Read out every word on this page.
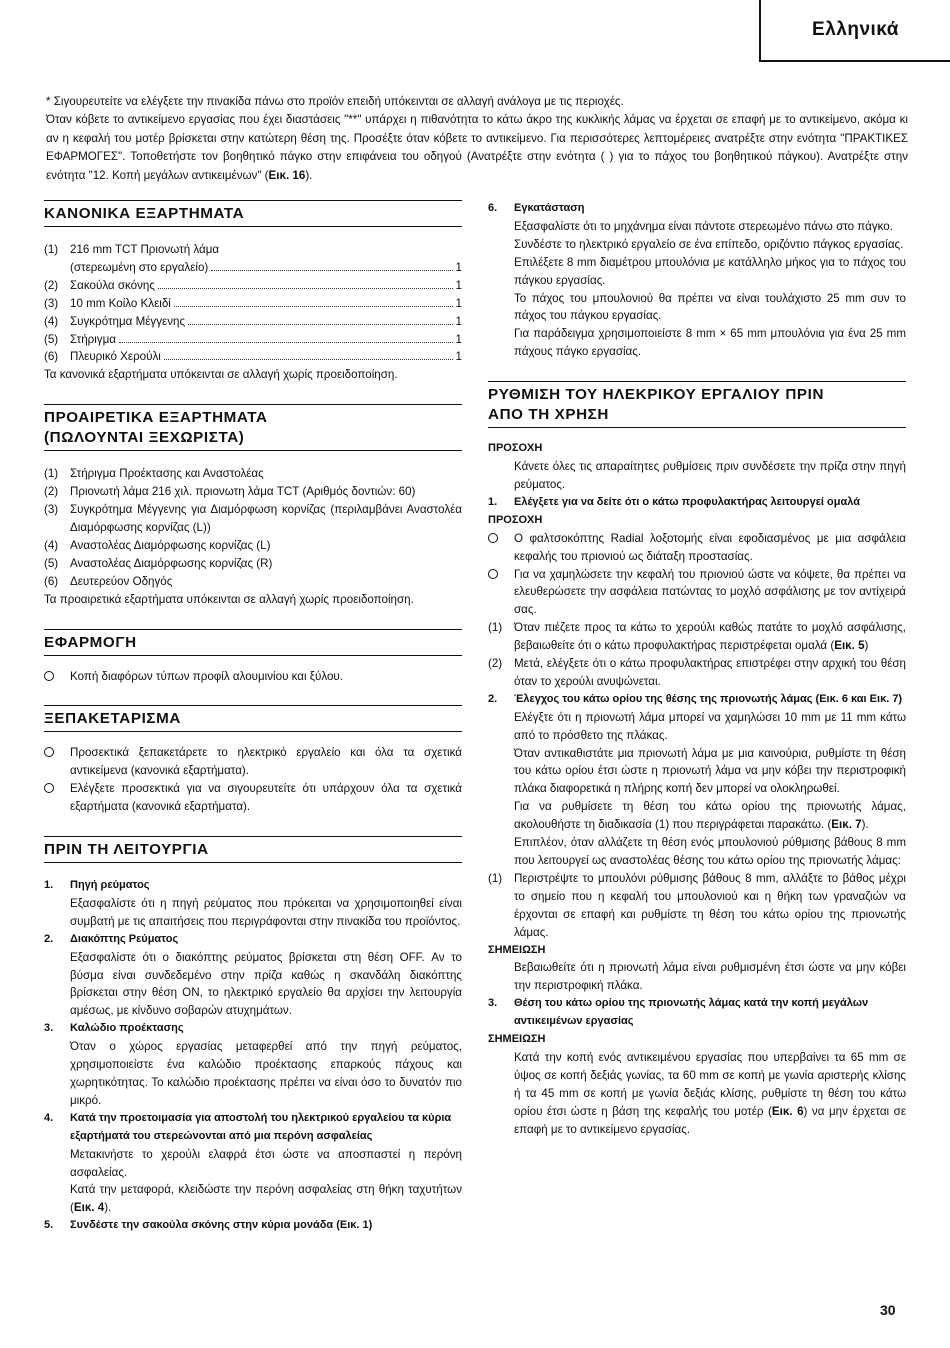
Ελληνικά

* Σιγουρευτείτε να ελέγξετε την πινακίδα πάνω στο προϊόν επειδή υπόκεινται σε αλλαγή ανάλογα με τις περιοχές.

Όταν κόβετε το αντικείμενο εργασίας που έχει διαστάσεις "**" υπάρχει η πιθανότητα το κάτω άκρο της κυκλικής λάμας να έρχεται σε επαφή με το αντικείμενο, ακόμα κι αν η κεφαλή του μοτέρ βρίσκεται στην κατώτερη θέση της. Προσέξτε όταν κόβετε το αντικείμενο. Για περισσότερες λεπτομέρειες ανατρέξτε στην ενότητα "ΠΡΑΚΤΙΚΕΣ ΕΦΑΡΜΟΓΕΣ". Τοποθετήστε τον βοηθητικό πάγκο στην επιφάνεια του οδηγού (Ανατρέξτε στην ενότητα ( ) για το πάχος του βοηθητικού πάγκου). Ανατρέξτε στην ενότητα "12. Κοπή μεγάλων αντικειμένων" (Εικ. 16).

ΚΑΝΟΝΙΚΑ ΕΞΑΡΤΗΜΑΤΑ
(1)	216 mm TCT Πριονωτή λάμα
(στερεωμένη στο εργαλείο)	1
(2)	Σακούλα σκόνης	1
(3)	10 mm Κοίλο Κλειδί	1
(4)	Συγκρότημα Μέγγενης	1
(5)	Στήριγμα	1
(6)	Πλευρικό Χερούλι	1
Τα κανονικά εξαρτήματα υπόκεινται σε αλλαγή χωρίς προειδοποίηση.
ΠΡΟΑΙΡΕΤΙΚΑ ΕΞΑΡΤΗΜΑΤΑ
(ΠΩΛΟΥΝΤΑΙ ΞΕΧΩΡΙΣΤΑ)
(1)	Στήριγμα Προέκτασης και Αναστολέας
(2)	Πριονωτή λάμα 216 χιλ. πριονωτη λάμα TCT (Αριθμός δοντιών: 60)
(3)	Συγκρότημα Μέγγενης για Διαμόρφωση κορνίζας (περιλαμβάνει Αναστολέα Διαμόρφωσης κορνίζας (L))
(4)	Αναστολέας Διαμόρφωσης κορνίζας (L)
(5)	Αναστολέας Διαμόρφωσης κορνίζας (R)
(6)	Δευτερεύον Οδηγός
Τα προαιρετικά εξαρτήματα υπόκεινται σε αλλαγή χωρίς προειδοποίηση.
ΕΦΑΡΜΟΓΗ
Κοπή διαφόρων τύπων προφίλ αλουμινίου και ξύλου.
ΞΕΠΑΚΕΤΑΡΙΣΜΑ
Προσεκτικά ξεπακετάρετε το ηλεκτρικό εργαλείο και όλα τα σχετικά αντικείμενα (κανονικά εξαρτήματα).
Ελέγξετε προσεκτικά για να σιγουρευτείτε ότι υπάρχουν όλα τα σχετικά εξαρτήματα (κανονικά εξαρτήματα).
ΠΡΙΝ ΤΗ ΛΕΙΤΟΥΡΓΙΑ
1.	Πηγή ρεύματος
Εξασφαλίστε ότι η πηγή ρεύματος που πρόκειται να χρησιμοποιηθεί είναι συμβατή με τις απαιτήσεις που περιγράφονται στην πινακίδα του προϊόντος.
2.	Διακόπτης Ρεύματος
Εξασφαλίστε ότι ο διακόπτης ρεύματος βρίσκεται στη θέση OFF. Αν το βύσμα είναι συνδεδεμένο στην πρίζα καθώς η σκανδάλη διακόπτης βρίσκεται στην θέση ON, το ηλεκτρικό εργαλείο θα αρχίσει την λειτουργία αμέσως, με κίνδυνο σοβαρών ατυχημάτων.
3.	Καλώδιο προέκτασης
Όταν ο χώρος εργασίας μεταφερθεί από την πηγή ρεύματος, χρησιμοποιείστε ένα καλώδιο προέκτασης επαρκούς πάχους και χωρητικότητας. Το καλώδιο προέκτασης πρέπει να είναι όσο το δυνατόν πιο μικρό.
4.	Κατά την προετοιμασία για αποστολή του ηλεκτρικού εργαλείου τα κύρια εξαρτήματά του στερεώνονται από μια περόνη ασφαλείας
Μετακινήστε το χερούλι ελαφρά έτσι ώστε να αποσπαστεί η περόνη ασφαλείας.
Κατά την μεταφορά, κλειδώστε την περόνη ασφαλείας στη θήκη ταχυτήτων (Εικ. 4).
5.	Συνδέστε την σακούλα σκόνης στην κύρια μονάδα (Εικ. 1)
6.	Εγκατάσταση
Εξασφαλίστε ότι το μηχάνημα είναι πάντοτε στερεωμένο πάνω στο πάγκο.
Συνδέστε το ηλεκτρικό εργαλείο σε ένα επίπεδο, οριζόντιο πάγκος εργασίας.
Επιλέξετε 8 mm διαμέτρου μπουλόνια με κατάλληλο μήκος για το πάχος του πάγκου εργασίας.
Το πάχος του μπουλονιού θα πρέπει να είναι τουλάχιστο 25 mm συν το πάχος του πάγκου εργασίας.
Για παράδειγμα χρησιμοποιείστε 8 mm × 65 mm μπουλόνια για ένα 25 mm πάχους πάγκο εργασίας.
ΡΥΘΜΙΣΗ ΤΟΥ ΗΛΕΚΡΙΚΟΥ ΕΡΓΑΛΙΟΥ ΠΡΙΝ
ΑΠΟ ΤΗ ΧΡΗΣΗ
ΠΡΟΣΟΧΗ
Κάνετε όλες τις απαραίτητες ρυθμίσεις πριν συνδέσετε την πρίζα στην πηγή ρεύματος.
1.	Ελέγξετε για να δείτε ότι ο κάτω προφυλακτήρας λειτουργεί ομαλά
ΠΡΟΣΟΧΗ
Ο φαλτσοκόπτης Radial λοξοτομής είναι εφοδιασμένος με μια ασφάλεια κεφαλής του πριονιού ως διάταξη προστασίας.
Για να χαμηλώσετε την κεφαλή του πριονιού ώστε να κόψετε, θα πρέπει να ελευθερώσετε την ασφάλεια πατώντας το μοχλό ασφάλισης με τον αντίχειρά σας.
(1)	Όταν πιέζετε προς τα κάτω το χερούλι καθώς πατάτε το μοχλό ασφάλισης, βεβαιωθείτε ότι ο κάτω προφυλακτήρας περιστρέφεται ομαλά (Εικ. 5)
(2)	Μετά, ελέγξετε ότι ο κάτω προφυλακτήρας επιστρέφει στην αρχική του θέση όταν το χερούλι ανυψώνεται.
2.	Έλεγχος του κάτω ορίου της θέσης της πριονωτής λάμας (Εικ. 6 και Εικ. 7)
Ελέγξτε ότι η πριονωτή λάμα μπορεί να χαμηλώσει 10 mm με 11 mm κάτω από το πρόσθετο της πλάκας.
Όταν αντικαθιστάτε μια πριονωτή λάμα με μια καινούρια, ρυθμίστε τη θέση του κάτω ορίου έτσι ώστε η πριονωτή λάμα να μην κόβει την περιστροφική πλάκα διαφορετικά η πλήρης κοπή δεν μπορεί να ολοκληρωθεί.
Για να ρυθμίσετε τη θέση του κάτω ορίου της πριονωτής λάμας, ακολουθήστε τη διαδικασία (1) που περιγράφεται παρακάτω. (Εικ. 7).
Επιπλέον, όταν αλλάζετε τη θέση ενός μπουλονιού ρύθμισης βάθους 8 mm που λειτουργεί ως αναστολέας θέσης του κάτω ορίου της πριονωτής λάμας:
(1)	Περιστρέψτε το μπουλόνι ρύθμισης βάθους 8 mm, αλλάξτε το βάθος μέχρι το σημείο που η κεφαλή του μπουλονιού και η θήκη των γραναζιών να έρχονται σε επαφή και ρυθμίστε τη θέση του κάτω ορίου της πριονωτής λάμας.
ΣΗΜΕΙΩΣΗ
Βεβαιωθείτε ότι η πριονωτή λάμα είναι ρυθμισμένη έτσι ώστε να μην κόβει την περιστροφική πλάκα.
3.	Θέση του κάτω ορίου της πριονωτής λάμας κατά την κοπή μεγάλων αντικειμένων εργασίας
ΣΗΜΕΙΩΣΗ
Κατά την κοπή ενός αντικειμένου εργασίας που υπερβαίνει τα 65 mm σε ύψος σε κοπή δεξιάς γωνίας, τα 60 mm σε κοπή με γωνία αριστερής κλίσης ή τα 45 mm σε κοπή με γωνία δεξιάς κλίσης, ρυθμίστε τη θέση του κάτω ορίου έτσι ώστε η βάση της κεφαλής του μοτέρ (Εικ. 6) να μην έρχεται σε επαφή με το αντικείμενο εργασίας.
30
